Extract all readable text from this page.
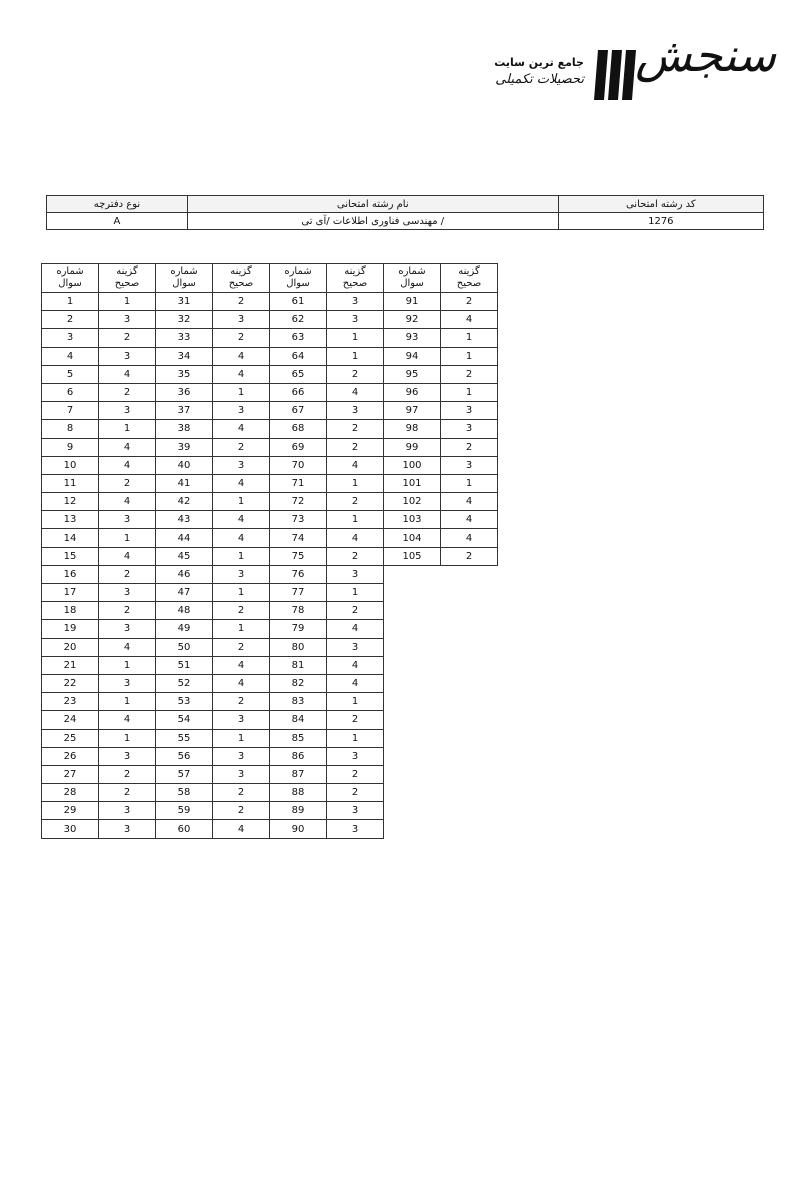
سنجش
جامع ترین سایت
تحصیلات تکمیلی
کد رشته امتحانی	نام رشته امتحانی	نوع دفترچه
1276	/ مهندسی فناوری اطلاعات /آی تی	A
شماره
سوال	گزینه
صحیح

1	1
2	3
3	2
4	3
5	4
6	2
7	3
8	1
9	4
10	4
11	2
12	4
13	3
14	1
15	4
16	2
17	3
18	2
19	3
20	4
21	1
22	3
23	1
24	4
25	1
26	3
27	2
28	2
29	3
30	3
شماره
سوال	گزینه
صحیح

31	2
32	3
33	2
34	4
35	4
36	1
37	3
38	4
39	2
40	3
41	4
42	1
43	4
44	4
45	1
46	3
47	1
48	2
49	1
50	2
51	4
52	4
53	2
54	3
55	1
56	3
57	3
58	2
59	2
60	4
شماره
سوال	گزینه
صحیح

61	3
62	3
63	1
64	1
65	2
66	4
67	3
68	2
69	2
70	4
71	1
72	2
73	1
74	4
75	2
76	3
77	1
78	2
79	4
80	3
81	4
82	4
83	1
84	2
85	1
86	3
87	2
88	2
89	3
90	3
شماره
سوال	گزینه
صحیح

91	2
92	4
93	1
94	1
95	2
96	1
97	3
98	3
99	2
100	3
101	1
102	4
103	4
104	4
105	2
